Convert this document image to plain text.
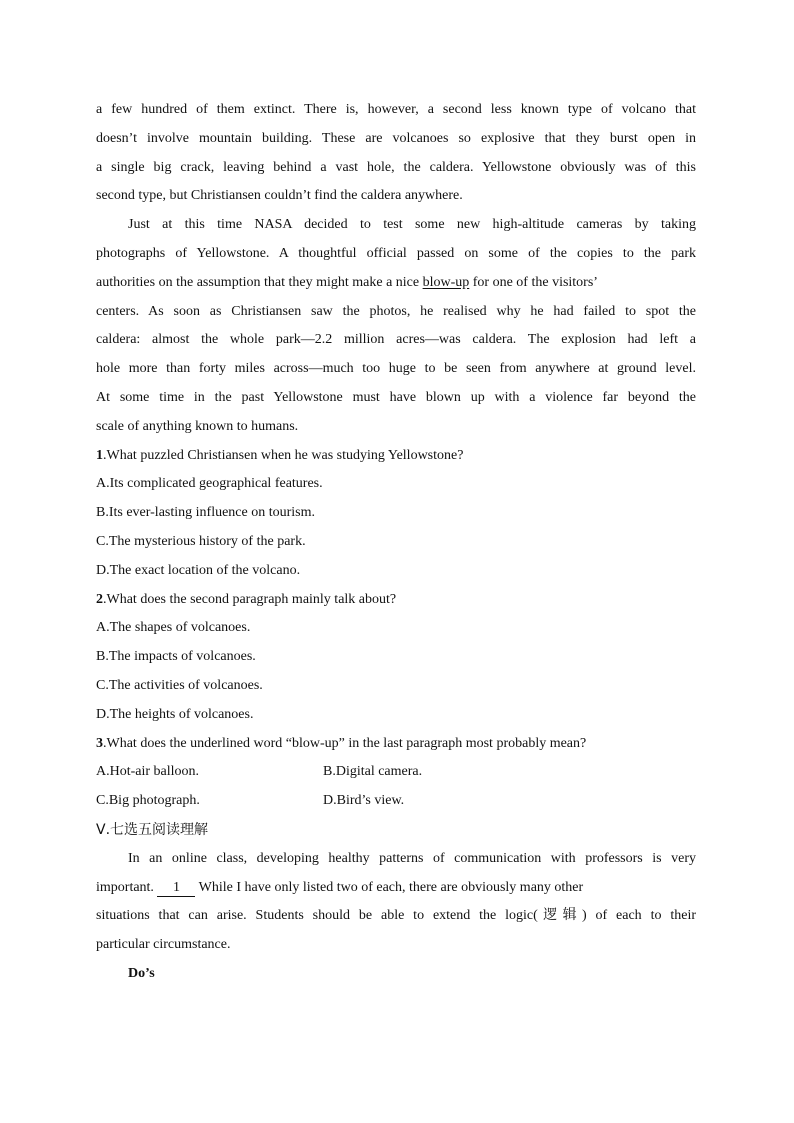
a few hundred of them extinct. There is, however, a second less known type of volcano that
doesn’t involve mountain building. These are volcanoes so explosive that they burst open in
a single big crack, leaving behind a vast hole, the caldera. Yellowstone obviously was of this
second type, but Christiansen couldn’t find the caldera anywhere.
Just at this time NASA decided to test some new high-altitude cameras by taking
photographs of Yellowstone. A thoughtful official passed on some of the copies to the park
authorities on the assumption that they might make a nice blow-up for one of the visitors’
centers. As soon as Christiansen saw the photos, he realised why he had failed to spot the
caldera: almost the whole park—2.2 million acres—was caldera. The explosion had left a
hole more than forty miles across—much too huge to be seen from anywhere at ground level.
At some time in the past Yellowstone must have blown up with a violence far beyond the
scale of anything known to humans.
1.What puzzled Christiansen when he was studying Yellowstone?
A.Its complicated geographical features.
B.Its ever-lasting influence on tourism.
C.The mysterious history of the park.
D.The exact location of the volcano.
2.What does the second paragraph mainly talk about?
A.The shapes of volcanoes.
B.The impacts of volcanoes.
C.The activities of volcanoes.
D.The heights of volcanoes.
3.What does the underlined word “blow-up” in the last paragraph most probably mean?
A.Hot-air balloon.	B.Digital camera.
C.Big photograph.	D.Bird’s view.
Ⅴ.七选五阅读理解
In an online class, developing healthy patterns of communication with professors is very
important. 1 While I have only listed two of each, there are obviously many other
situations that can arise. Students should be able to extend the logic(逻辑) of each to their
particular circumstance.
Do’s
